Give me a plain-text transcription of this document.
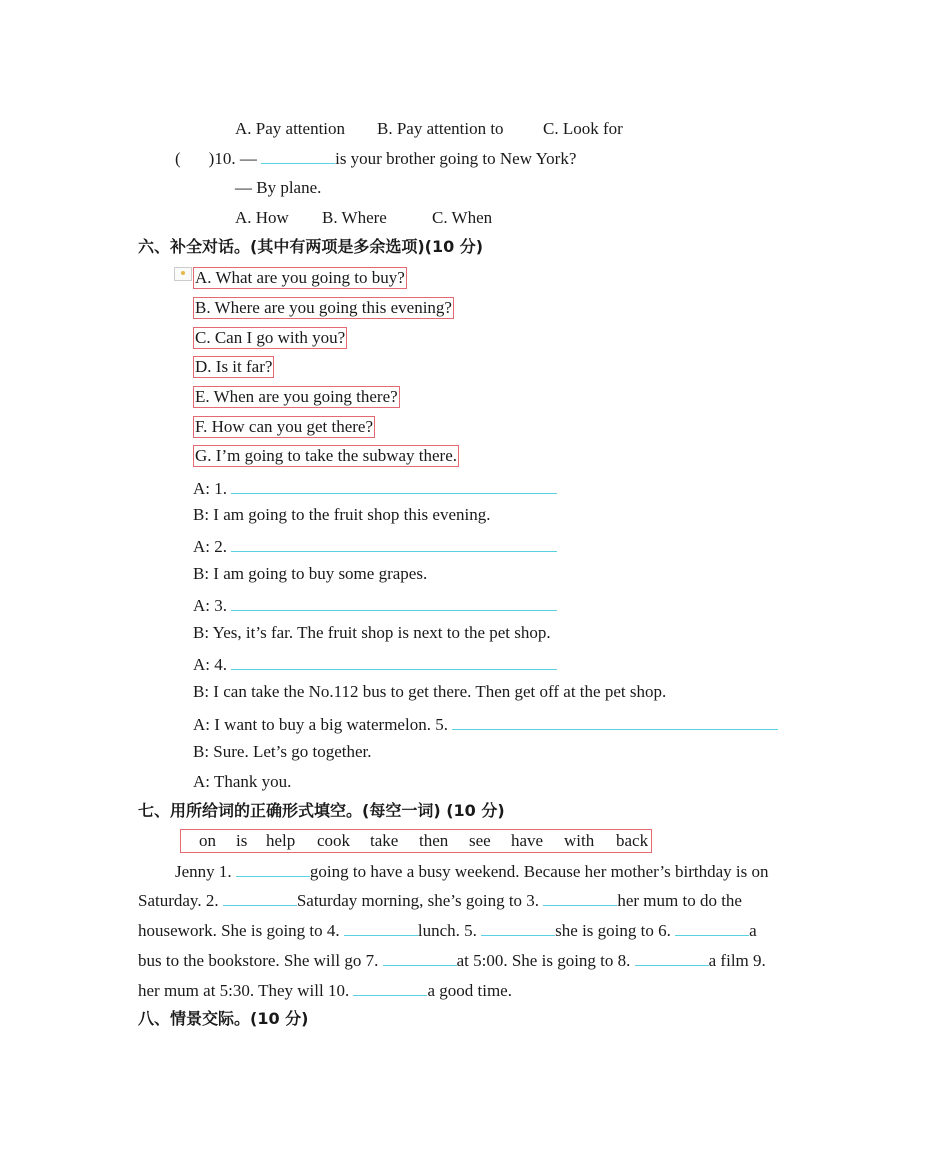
A. Pay attention B. Pay attention to C. Look for
( )10. —	is your brother going to New York?
— By plane.
A. How B. Where	C. When
六、补全对话。(其中有两项是多余选项)(10 分)
A. What are you going to buy?
B. Where are you going this evening?
C. Can I go with you?
D. Is it far?
E. When are you going there?
F. How can you get there?
G. I’m going to take the subway there.
A: 1.
B: I am going to the fruit shop this evening.
A: 2.
B: I am going to buy some grapes.
A: 3.
B: Yes, it’s far. The fruit shop is next to the pet shop.
A: 4.
B: I can take the No.112 bus to get there. Then get off at the pet shop.
A: I want to buy a big watermelon. 5.
B: Sure. Let’s go together.
A: Thank you.
七、用所给词的正确形式填空。(每空一词) (10 分)
on is help cook take then see have with back
Jenny 1.	going to have a busy weekend. Because her mother’s birthday is on
Saturday. 2.	Saturday morning, she’s going to 3.	her mum to do the
housework. She is going to 4.	lunch. 5.	she is going to 6.	a
bus to the bookstore. She will go 7.	at 5:00. She is going to 8.	a film 9.
her mum at 5:30. They will 10.	a good time.
八、情景交际。(10 分)
